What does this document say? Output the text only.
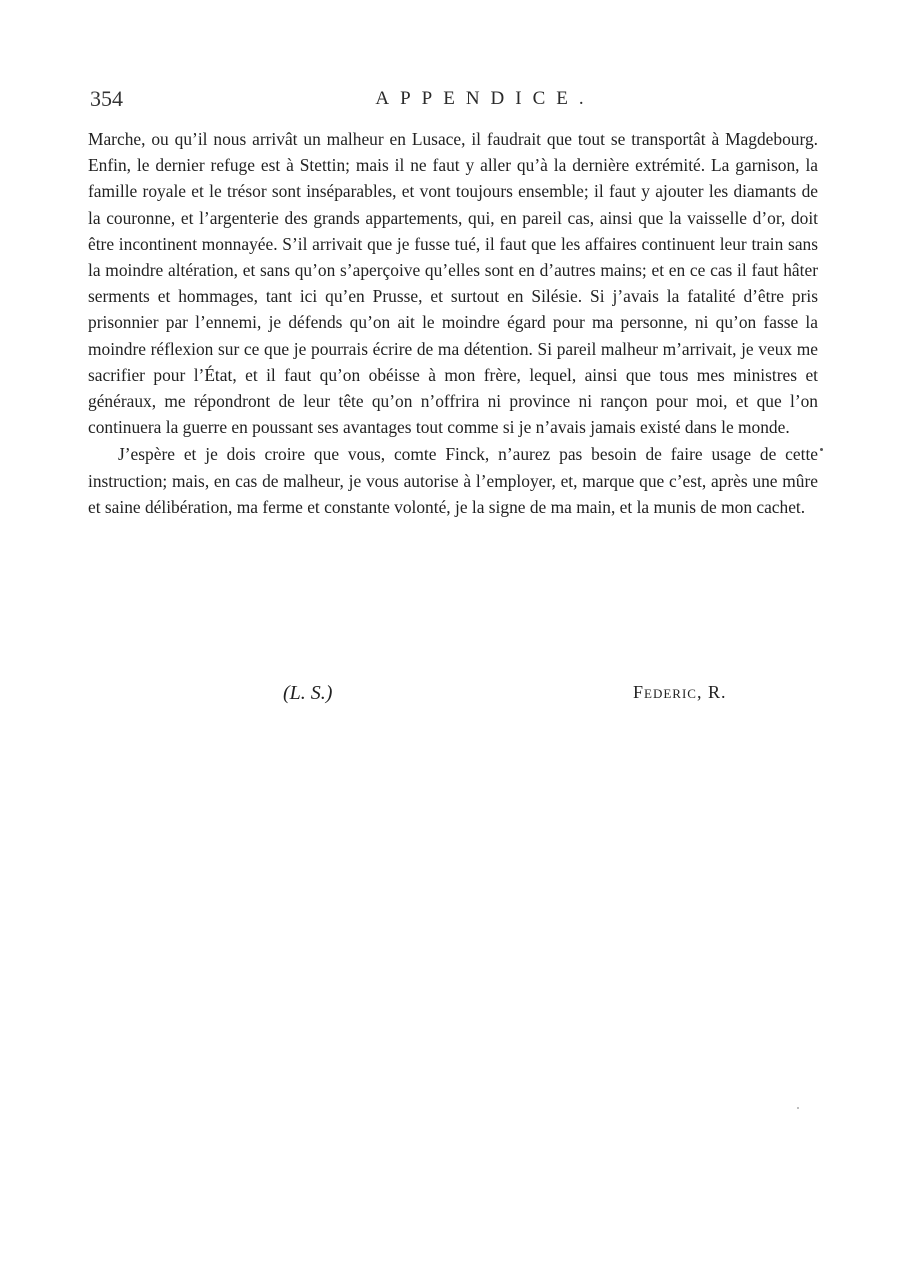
354	APPENDICE.

Marche, ou qu’il nous arrivât un malheur en Lusace, il faudrait que tout se transportât à Magdebourg. Enfin, le dernier refuge est à Stettin; mais il ne faut y aller qu’à la dernière extrémité. La garnison, la famille royale et le trésor sont inséparables, et vont toujours ensemble; il faut y ajouter les diamants de la couronne, et l’argenterie des grands appartements, qui, en pareil cas, ainsi que la vaisselle d’or, doit être incontinent monnayée. S’il arrivait que je fusse tué, il faut que les affaires continuent leur train sans la moindre altération, et sans qu’on s’aperçoive qu’elles sont en d’autres mains; et en ce cas il faut hâter serments et hommages, tant ici qu’en Prusse, et surtout en Silésie. Si j’avais la fatalité d’être pris prisonnier par l’ennemi, je défends qu’on ait le moindre égard pour ma personne, ni qu’on fasse la moindre réflexion sur ce que je pourrais écrire de ma détention. Si pareil malheur m’arrivait, je veux me sacrifier pour l’État, et il faut qu’on obéisse à mon frère, lequel, ainsi que tous mes ministres et généraux, me répondront de leur tête qu’on n’offrira ni province ni rançon pour moi, et que l’on continuera la guerre en poussant ses avantages tout comme si je n’avais jamais existé dans le monde.

J’espère et je dois croire que vous, comte Finck, n’aurez pas besoin de faire usage de cette instruction; mais, en cas de malheur, je vous autorise à l’employer, et, marque que c’est, après une mûre et saine délibération, ma ferme et constante volonté, je la signe de ma main, et la munis de mon cachet.

(L. S.)	Federic, R.
